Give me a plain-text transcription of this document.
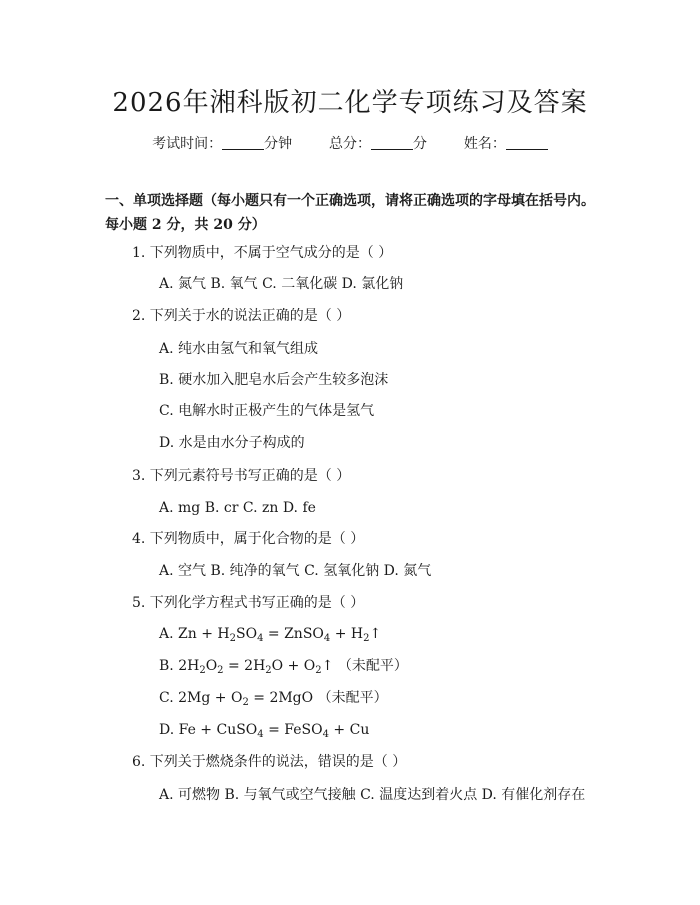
2026年湘科版初二化学专项练习及答案
考试时间：	分钟	总分：	分	姓名：
一、单项选择题（每小题只有一个正确选项，请将正确选项的字母填在括号内。
每小题 2 分，共 20 分）
1. 下列物质中，不属于空气成分的是（ ）
A. 氮气 B. 氧气 C. 二氧化碳 D. 氯化钠
2. 下列关于水的说法正确的是（ ）
A. 纯水由氢气和氧气组成
B. 硬水加入肥皂水后会产生较多泡沫
C. 电解水时正极产生的气体是氢气
D. 水是由水分子构成的
3. 下列元素符号书写正确的是（ ）
A. mg B. cr C. zn D. fe
4. 下列物质中，属于化合物的是（ ）
A. 空气 B. 纯净的氧气 C. 氢氧化钠 D. 氮气
5. 下列化学方程式书写正确的是（ ）
A. $Zn + H_2SO_4$ = ZnSO$_4$ + $H_2↑$
B. $2H_2O_2 = 2H_2O$ + $O_2↑$ （未配平）
C. $2Mg + O_2 = 2MgO$ （未配平）
D. Fe + CuSO$_4$ = FeSO$_4$ + Cu
6. 下列关于燃烧条件的说法，错误的是（ ）
A. 可燃物 B. 与氧气或空气接触 C. 温度达到着火点 D. 有催化剂存在
